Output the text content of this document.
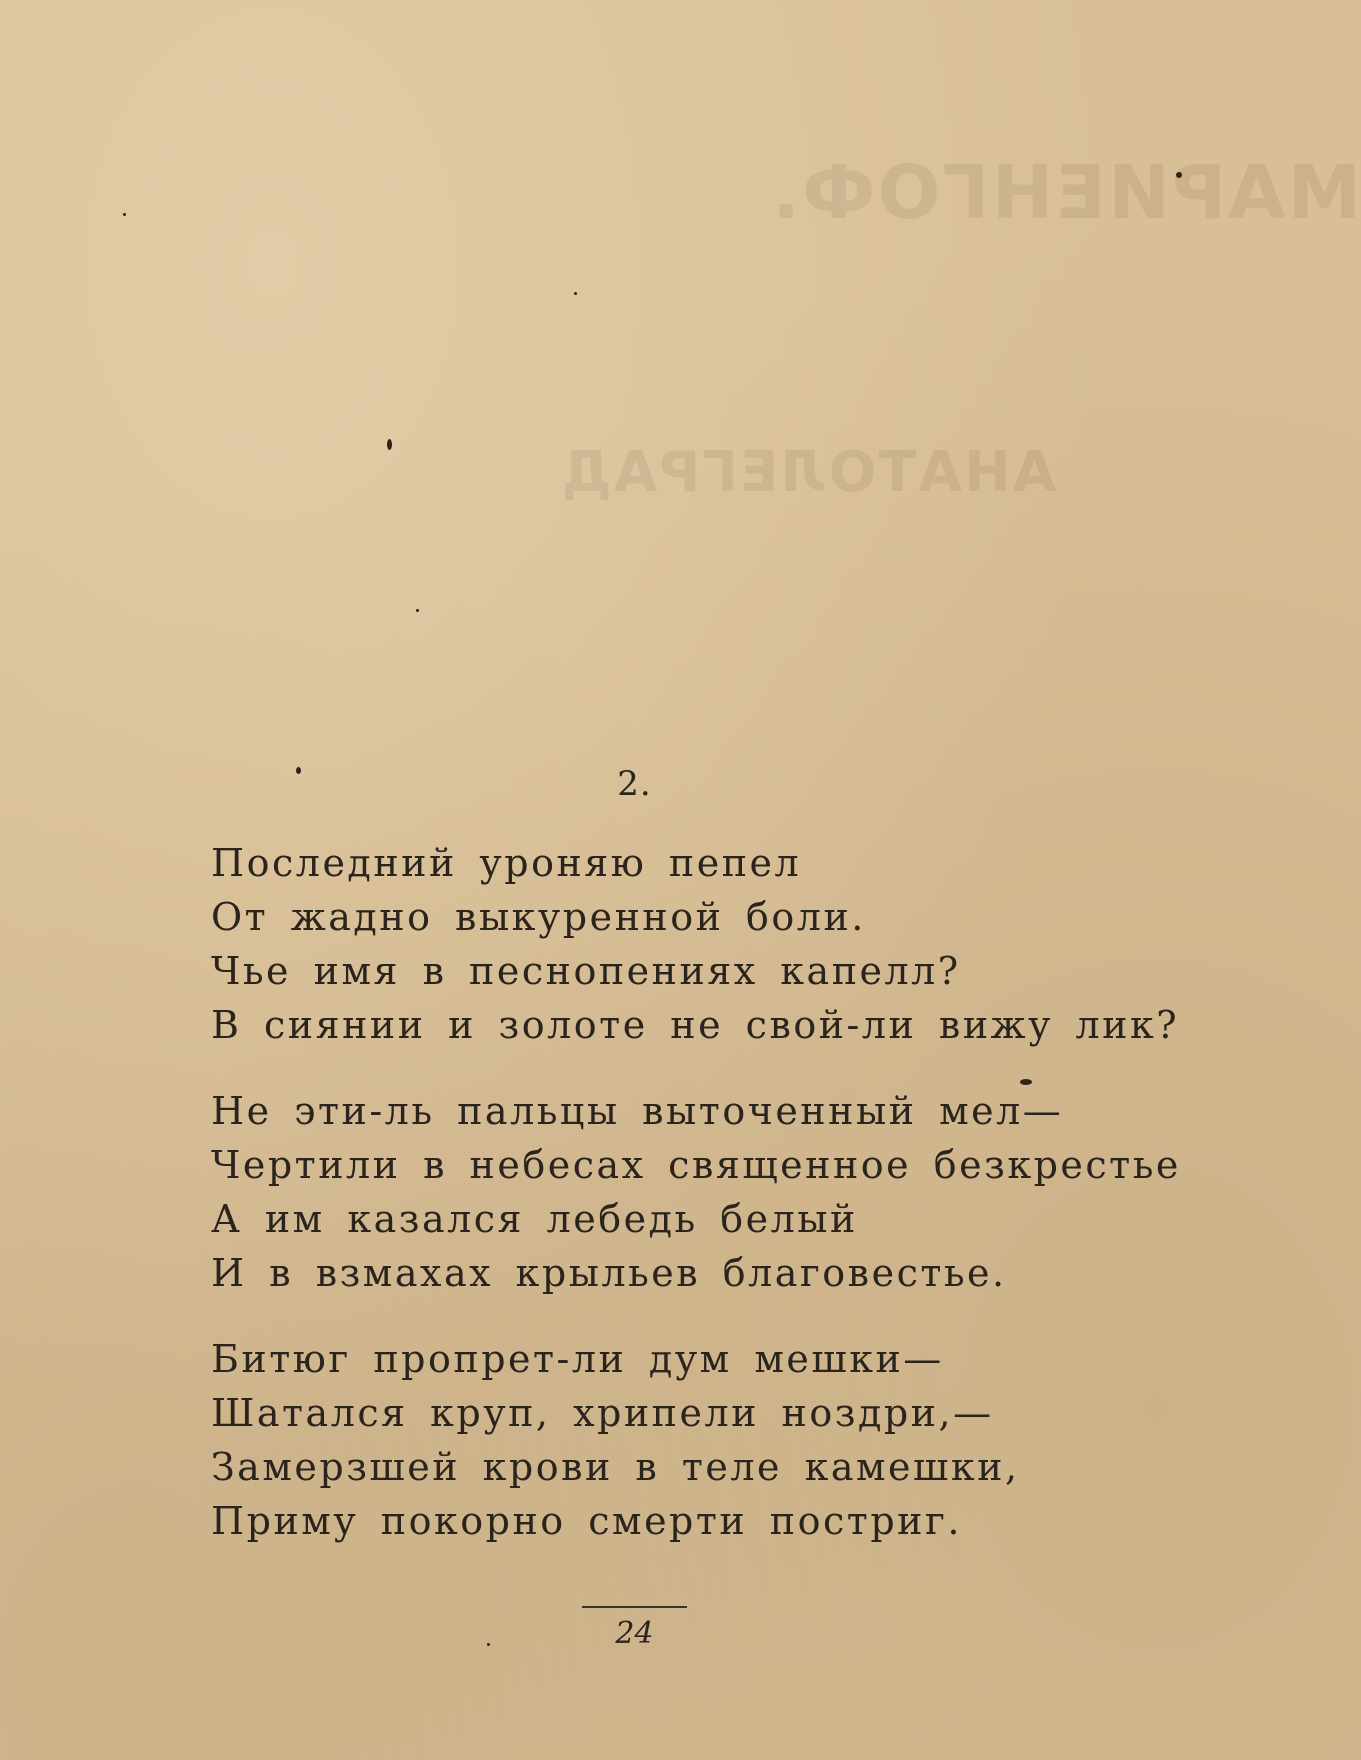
МАРИЕНГОФ.
АНАТОЛЕГРАД
2.
Последний уроняю пепел
От жадно выкуренной боли.
Чье имя в песнопениях капелл?
В сиянии и золоте не свой-ли вижу лик?
Не эти-ль пальцы выточенный мел—
Чертили в небесах священное безкрестье
А им казался лебедь белый
И в взмахах крыльев благовестье.
Битюг пропрет-ли дум мешки—
Шатался круп, хрипели ноздри,—
Замерзшей крови в теле камешки,
Приму покорно смерти постриг.
24
